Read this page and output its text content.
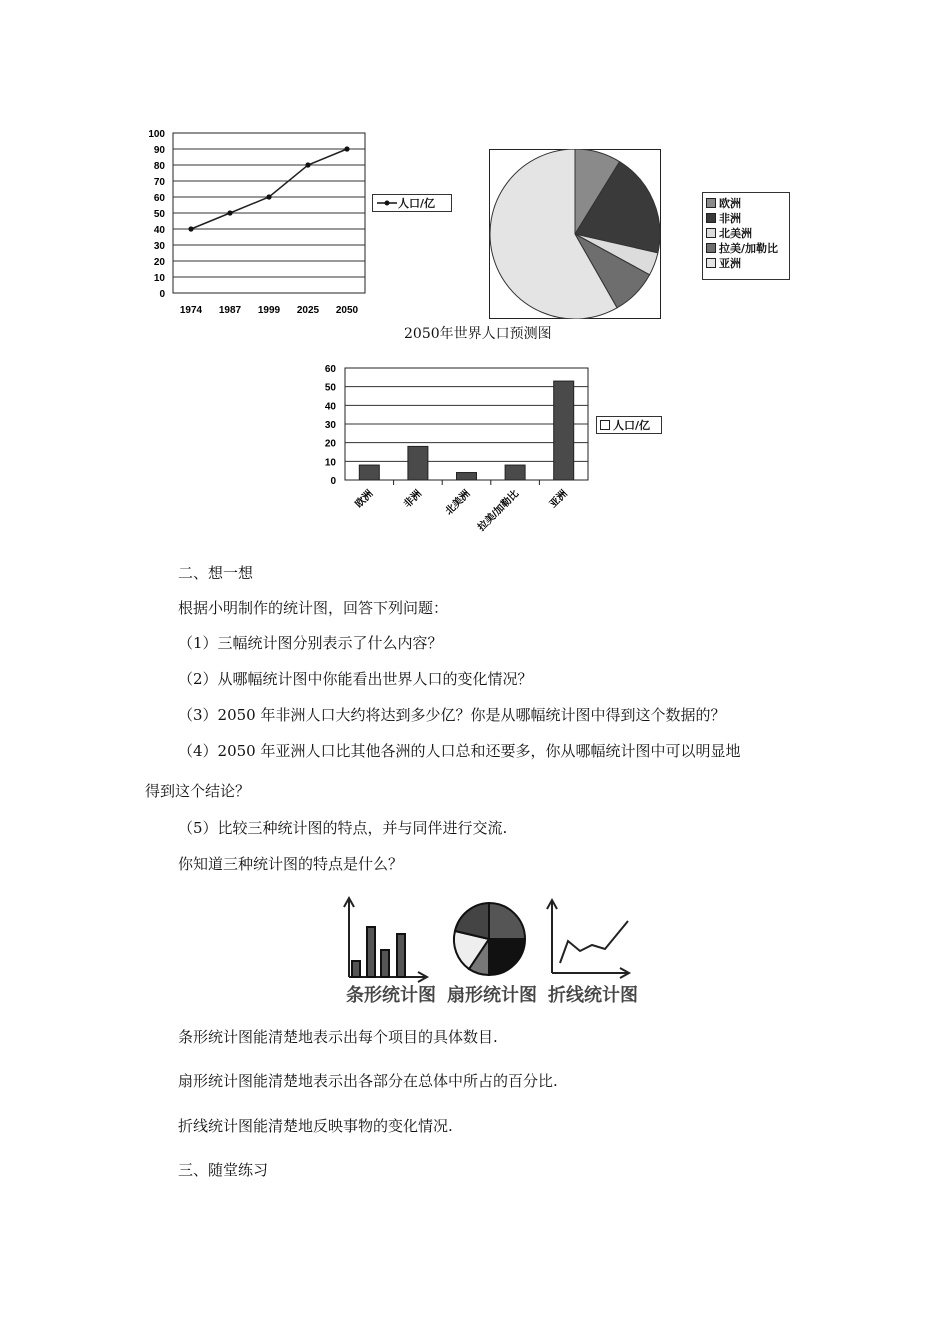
100
90
80
70
60
50
40
30
20
10
0
1974 1987 1999 2025 2050
人口/亿	欧洲
非洲
北美洲
拉美/加勒比
亚洲
2050年世界人口预测图
60
50
40
30
20
10
0
欧洲	非洲 北美洲 拉美/加勒比	亚洲
人口/亿
二、想一想
根据小明制作的统计图，回答下列问题：
（1）三幅统计图分别表示了什么内容？
（2）从哪幅统计图中你能看出世界人口的变化情况？
（3）2050 年非洲人口大约将达到多少亿？你是从哪幅统计图中得到这个数据的？
（4）2050 年亚洲人口比其他各洲的人口总和还要多，你从哪幅统计图中可以明显地
得到这个结论？
（5）比较三种统计图的特点，并与同伴进行交流.
你知道三种统计图的特点是什么？
条形统计图 扇形统计图 折线统计图
条形统计图能清楚地表示出每个项目的具体数目.
扇形统计图能清楚地表示出各部分在总体中所占的百分比.
折线统计图能清楚地反映事物的变化情况.
三、随堂练习
